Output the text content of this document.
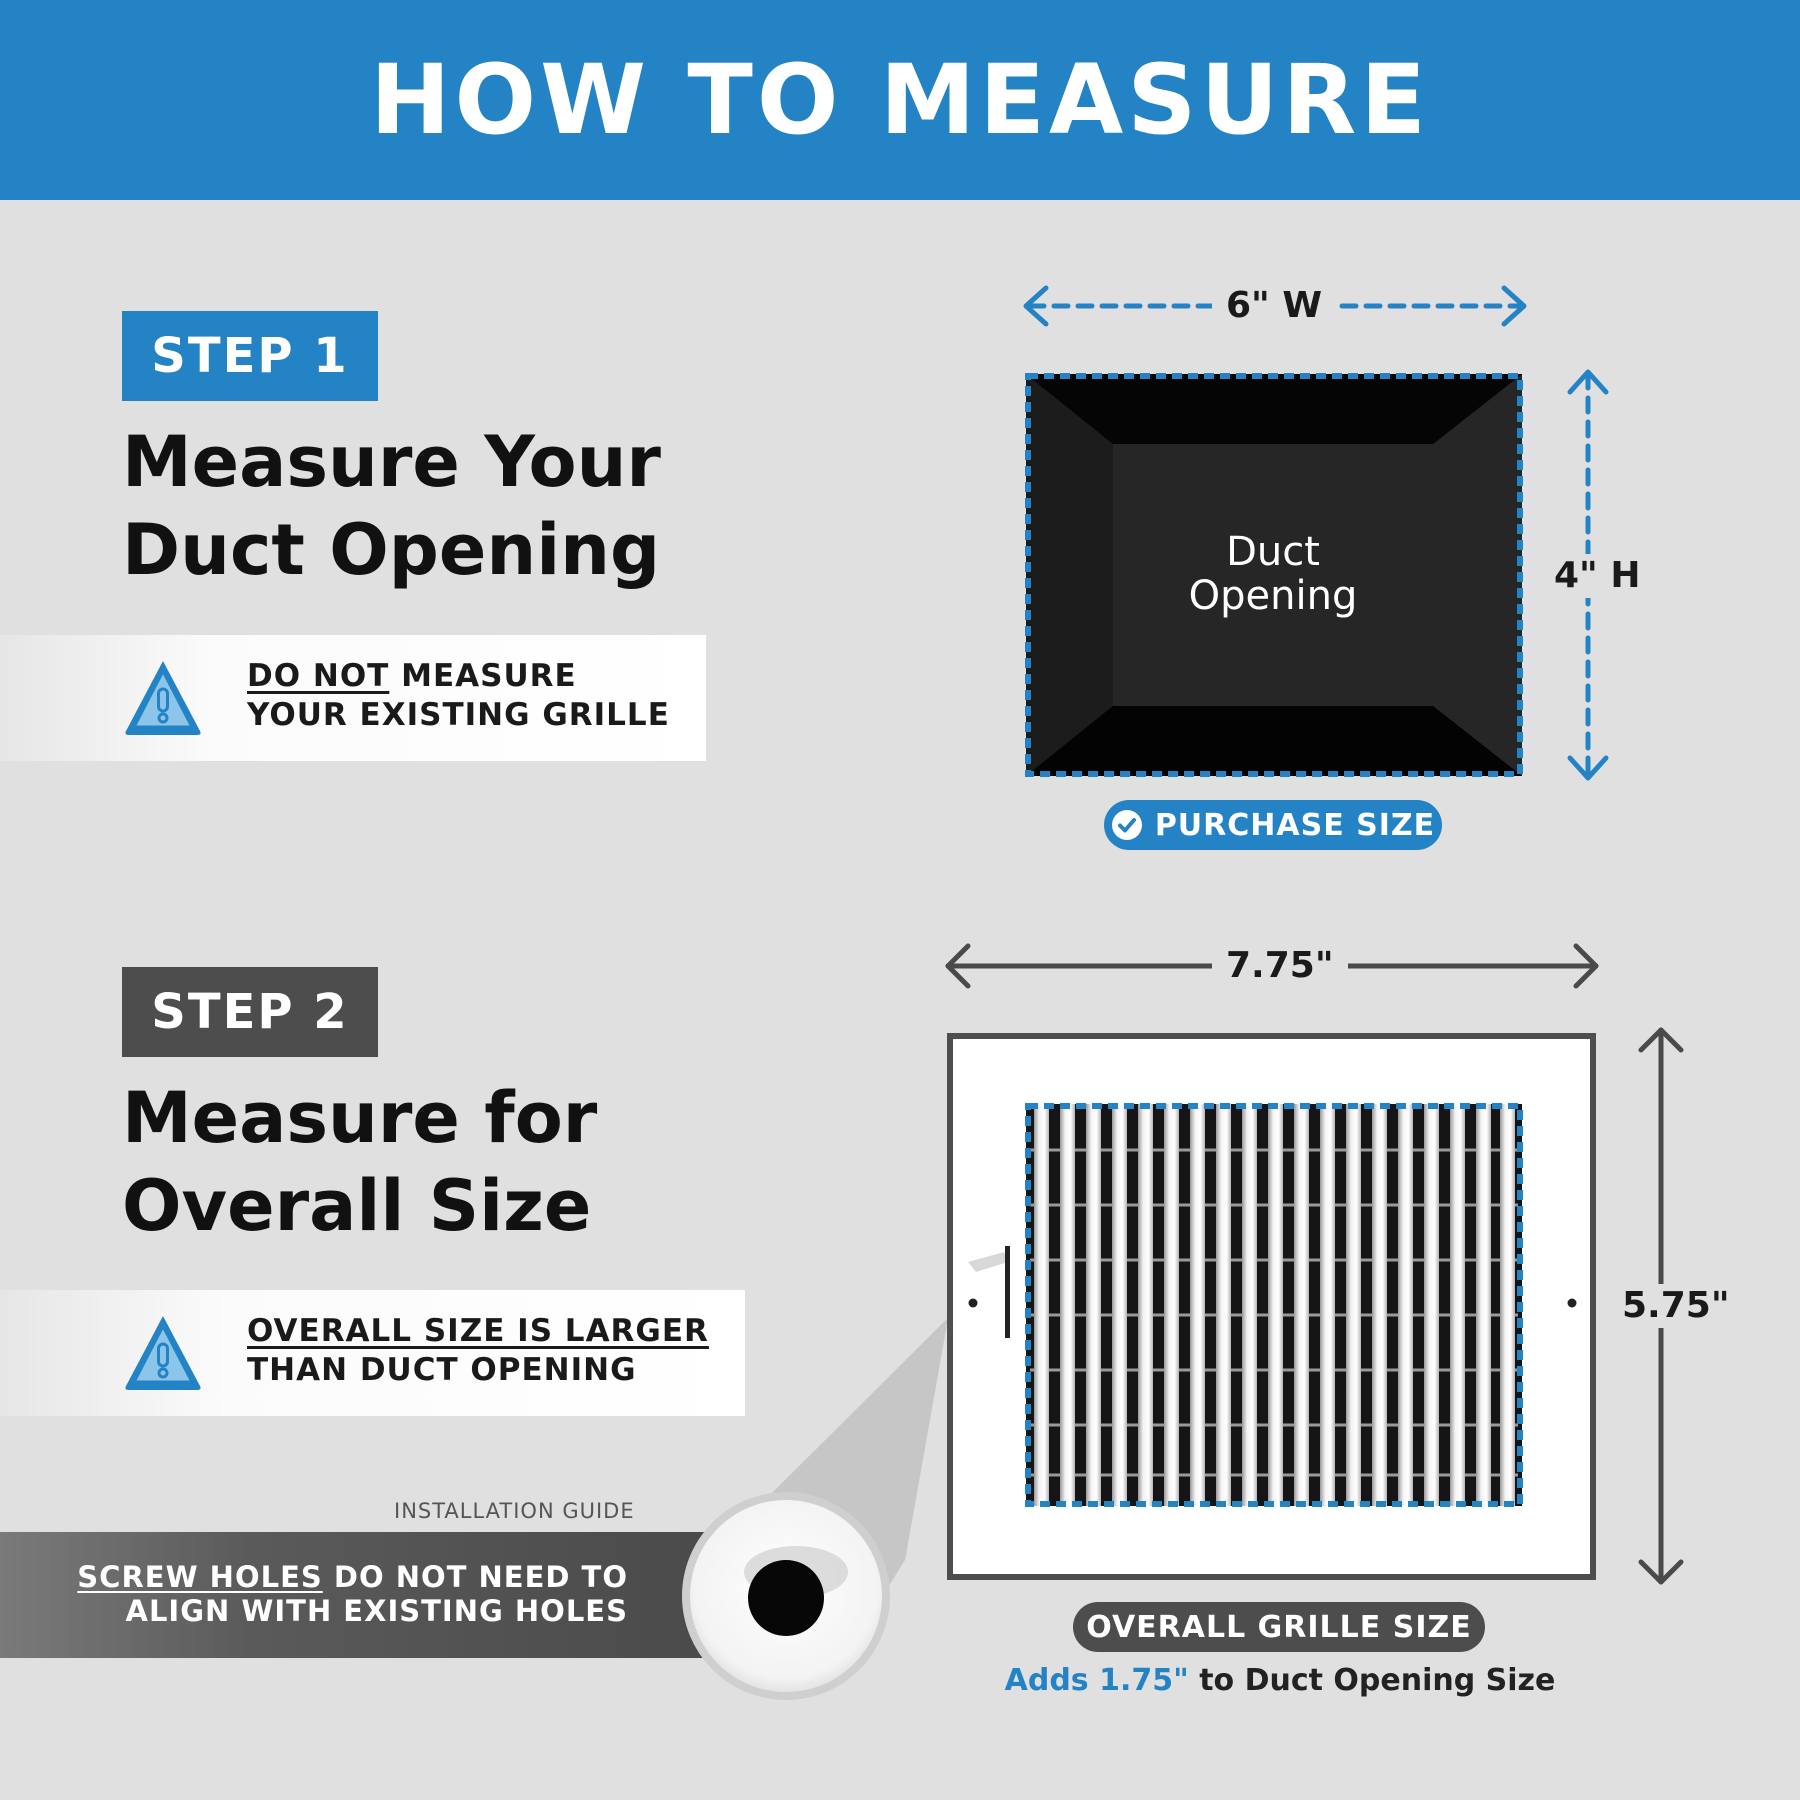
HOW TO MEASURE
STEP 1
Measure Your
Duct Opening
DO NOT MEASURE
YOUR EXISTING GRILLE
Duct
Opening
6" W
4" H
PURCHASE SIZE
STEP 2
Measure for
Overall Size
OVERALL SIZE IS LARGER
THAN DUCT OPENING
INSTALLATION GUIDE
SCREW HOLES DO NOT NEED TO
ALIGN WITH EXISTING HOLES
7.75"
5.75"
OVERALL GRILLE SIZE
Adds 1.75" to Duct Opening Size
